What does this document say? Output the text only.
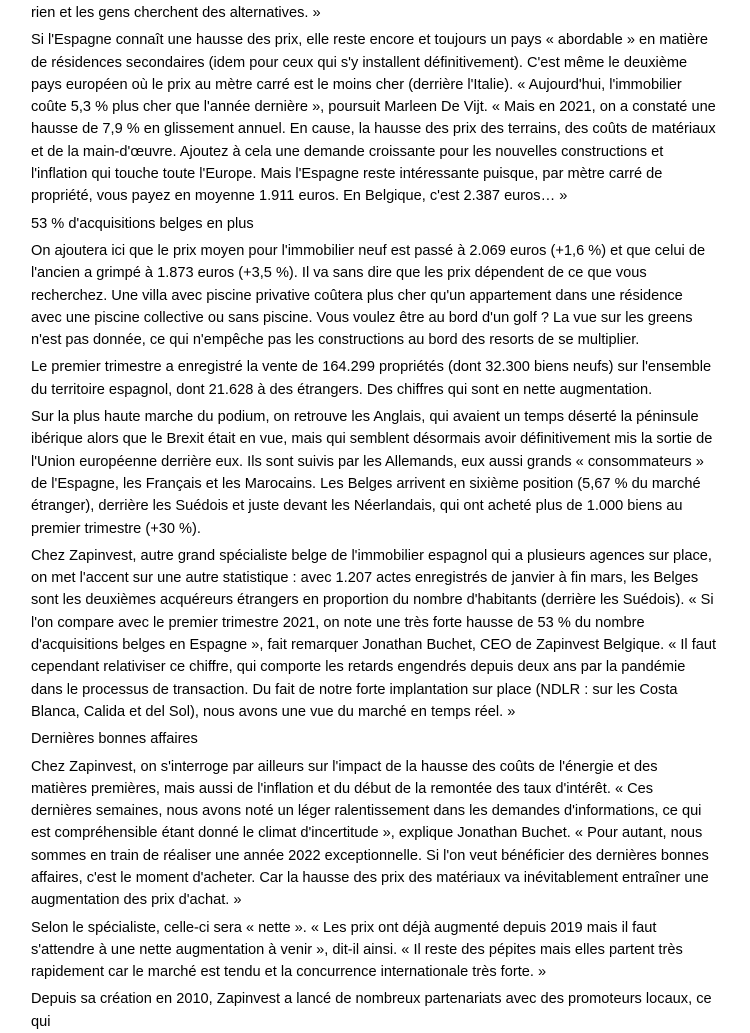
rien et les gens cherchent des alternatives. »

Si l'Espagne connaît une hausse des prix, elle reste encore et toujours un pays « abordable » en matière de résidences secondaires (idem pour ceux qui s'y installent définitivement). C'est même le deuxième pays européen où le prix au mètre carré est le moins cher (derrière l'Italie). « Aujourd'hui, l'immobilier coûte 5,3 % plus cher que l'année dernière », poursuit Marleen De Vijt. « Mais en 2021, on a constaté une hausse de 7,9 % en glissement annuel. En cause, la hausse des prix des terrains, des coûts de matériaux et de la main-d'œuvre. Ajoutez à cela une demande croissante pour les nouvelles constructions et l'inflation qui touche toute l'Europe. Mais l'Espagne reste intéressante puisque, par mètre carré de propriété, vous payez en moyenne 1.911 euros. En Belgique, c'est 2.387 euros… »

53 % d'acquisitions belges en plus

On ajoutera ici que le prix moyen pour l'immobilier neuf est passé à 2.069 euros (+1,6 %) et que celui de l'ancien a grimpé à 1.873 euros (+3,5 %). Il va sans dire que les prix dépendent de ce que vous recherchez. Une villa avec piscine privative coûtera plus cher qu'un appartement dans une résidence avec une piscine collective ou sans piscine. Vous voulez être au bord d'un golf ? La vue sur les greens n'est pas donnée, ce qui n'empêche pas les constructions au bord des resorts de se multiplier.

Le premier trimestre a enregistré la vente de 164.299 propriétés (dont 32.300 biens neufs) sur l'ensemble du territoire espagnol, dont 21.628 à des étrangers. Des chiffres qui sont en nette augmentation.

Sur la plus haute marche du podium, on retrouve les Anglais, qui avaient un temps déserté la péninsule ibérique alors que le Brexit était en vue, mais qui semblent désormais avoir définitivement mis la sortie de l'Union européenne derrière eux. Ils sont suivis par les Allemands, eux aussi grands « consommateurs » de l'Espagne, les Français et les Marocains. Les Belges arrivent en sixième position (5,67 % du marché étranger), derrière les Suédois et juste devant les Néerlandais, qui ont acheté plus de 1.000 biens au premier trimestre (+30 %).

Chez Zapinvest, autre grand spécialiste belge de l'immobilier espagnol qui a plusieurs agences sur place, on met l'accent sur une autre statistique : avec 1.207 actes enregistrés de janvier à fin mars, les Belges sont les deuxièmes acquéreurs étrangers en proportion du nombre d'habitants (derrière les Suédois). « Si l'on compare avec le premier trimestre 2021, on note une très forte hausse de 53 % du nombre d'acquisitions belges en Espagne », fait remarquer Jonathan Buchet, CEO de Zapinvest Belgique. « Il faut cependant relativiser ce chiffre, qui comporte les retards engendrés depuis deux ans par la pandémie dans le processus de transaction. Du fait de notre forte implantation sur place (NDLR : sur les Costa Blanca, Calida et del Sol), nous avons une vue du marché en temps réel. »

Dernières bonnes affaires

Chez Zapinvest, on s'interroge par ailleurs sur l'impact de la hausse des coûts de l'énergie et des matières premières, mais aussi de l'inflation et du début de la remontée des taux d'intérêt. « Ces dernières semaines, nous avons noté un léger ralentissement dans les demandes d'informations, ce qui est compréhensible étant donné le climat d'incertitude », explique Jonathan Buchet. « Pour autant, nous sommes en train de réaliser une année 2022 exceptionnelle. Si l'on veut bénéficier des dernières bonnes affaires, c'est le moment d'acheter. Car la hausse des prix des matériaux va inévitablement entraîner une augmentation des prix d'achat. »

Selon le spécialiste, celle-ci sera « nette ». « Les prix ont déjà augmenté depuis 2019 mais il faut s'attendre à une nette augmentation à venir », dit-il ainsi. « Il reste des pépites mais elles partent très rapidement car le marché est tendu et la concurrence internationale très forte. »

Depuis sa création en 2010, Zapinvest a lancé de nombreux partenariats avec des promoteurs locaux, ce qui
